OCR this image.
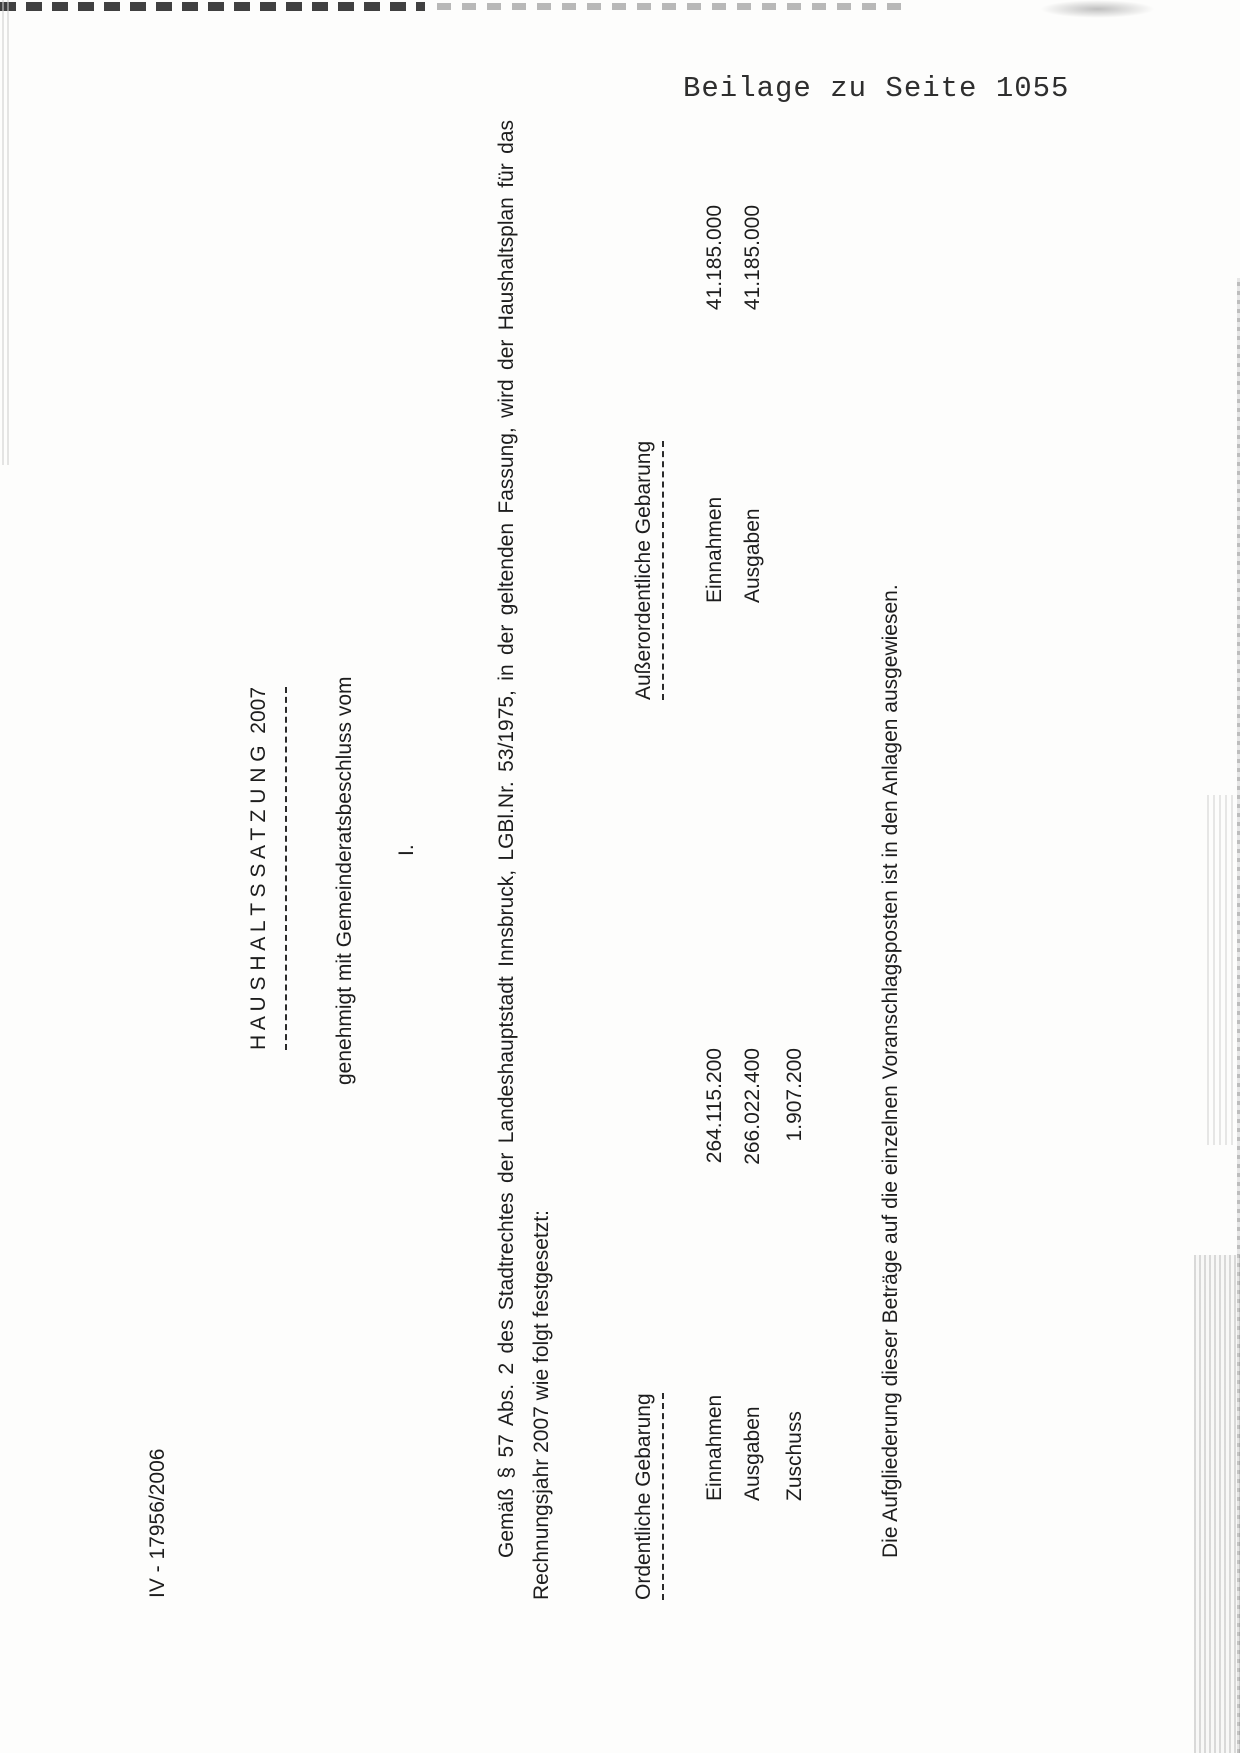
Beilage zu Seite 1055
IV - 17956/2006
H A U S H A L T S S A T Z U N G  2007	genehmigt mit Gemeinderatsbeschluss vom I.	Gemäß § 57 Abs. 2 des Stadtrechtes der Landeshauptstadt Innsbruck, LGBl.Nr. 53/1975, in der geltenden Fassung, wird der Haushaltsplan für das Rechnungsjahr 2007 wie folgt festgesetzt:	Ordentliche Gebarung	Einnahmen
264.115.200
Ausgaben
266.022.400
Zuschuss
1.907.200
Außerordentliche Gebarung	Einnahmen
41.185.000
Ausgaben
41.185.000
Die Aufgliederung dieser Beträge auf die einzelnen Voranschlagsposten ist in den Anlagen ausgewiesen.
